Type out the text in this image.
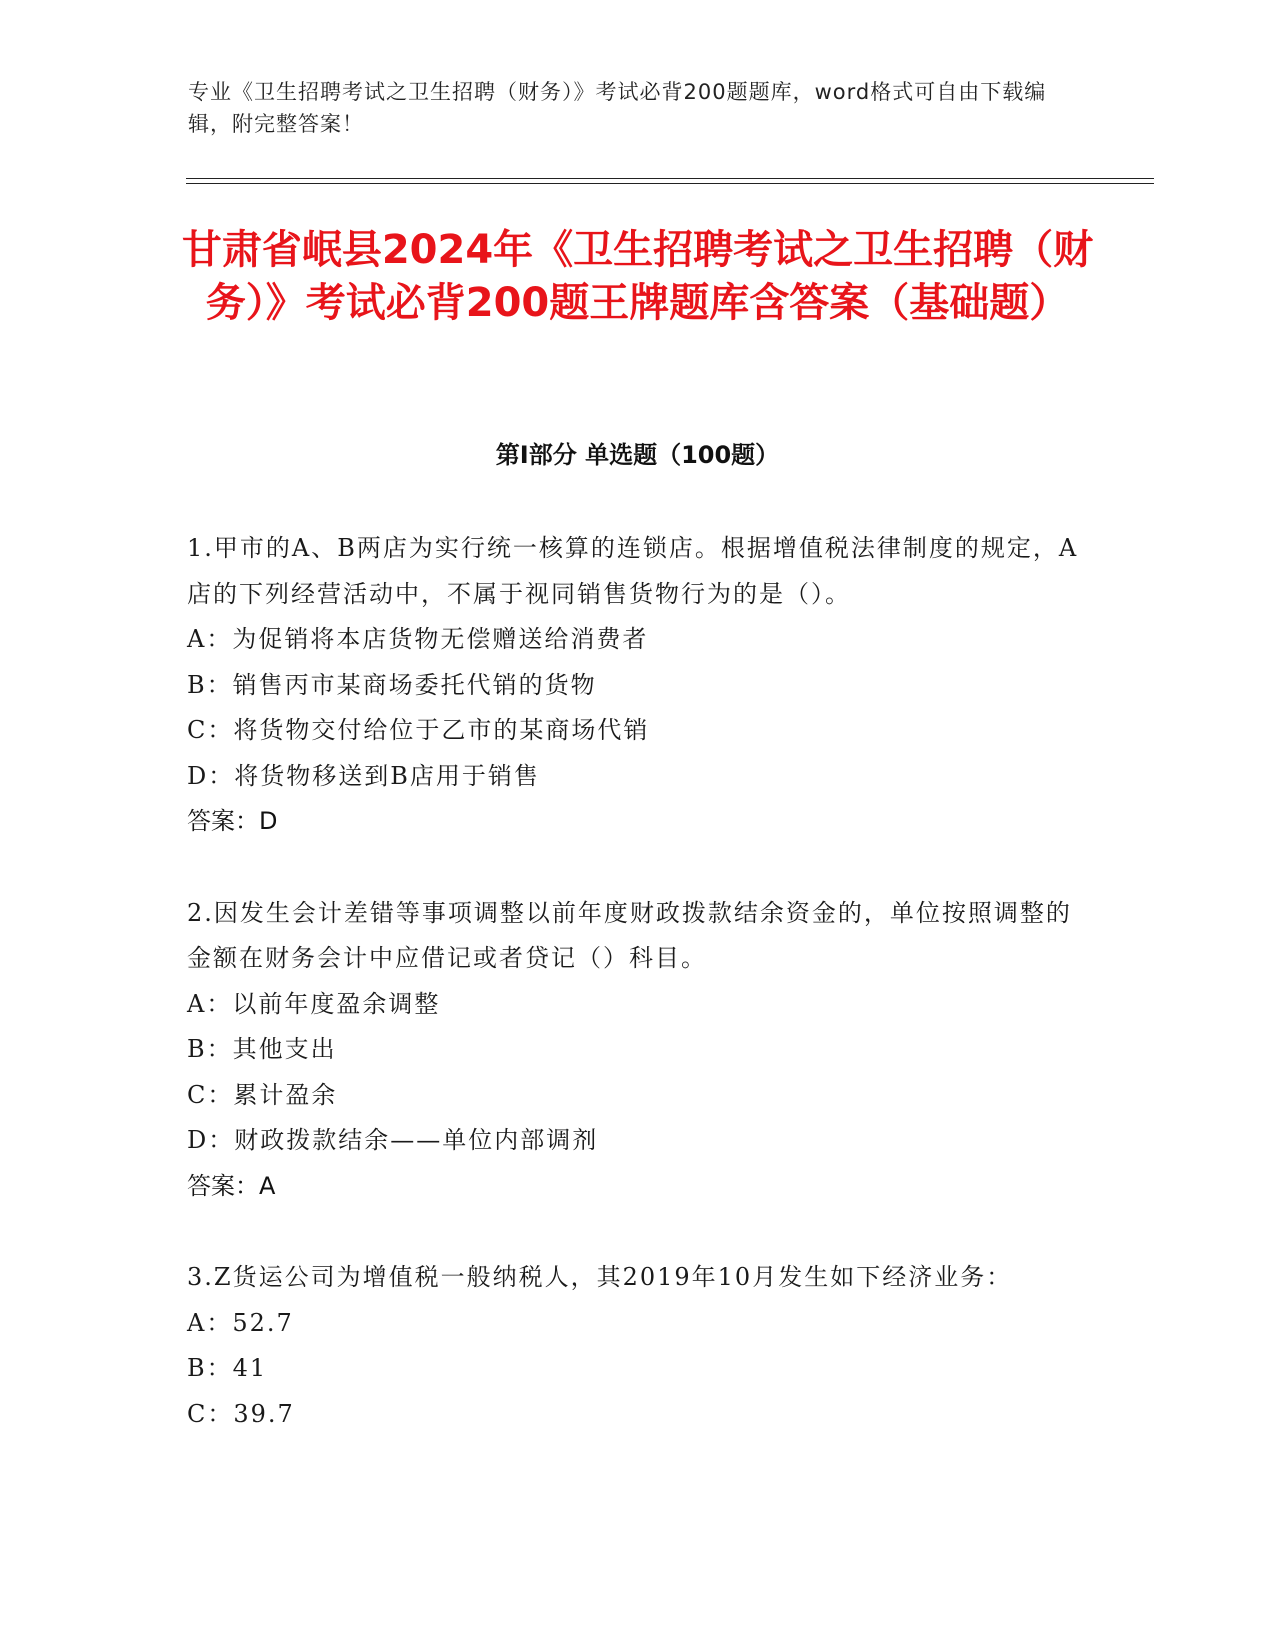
专业《卫生招聘考试之卫生招聘（财务）》考试必背200题题库，word格式可自由下载编辑，附完整答案！
甘肃省岷县2024年《卫生招聘考试之卫生招聘（财务）》考试必背200题王牌题库含答案（基础题）
第I部分 单选题（100题）

1.甲市的A、B两店为实行统一核算的连锁店。根据增值税法律制度的规定，A店的下列经营活动中，不属于视同销售货物行为的是（）。

A：为促销将本店货物无偿赠送给消费者

B：销售丙市某商场委托代销的货物

C：将货物交付给位于乙市的某商场代销

D：将货物移送到B店用于销售

答案：D

2.因发生会计差错等事项调整以前年度财政拨款结余资金的，单位按照调整的金额在财务会计中应借记或者贷记（）科目。

A：以前年度盈余调整

B：其他支出

C：累计盈余

D：财政拨款结余——单位内部调剂

答案：A

3.Z货运公司为增值税一般纳税人，其2019年10月发生如下经济业务：

A：52.7

B：41

C：39.7
